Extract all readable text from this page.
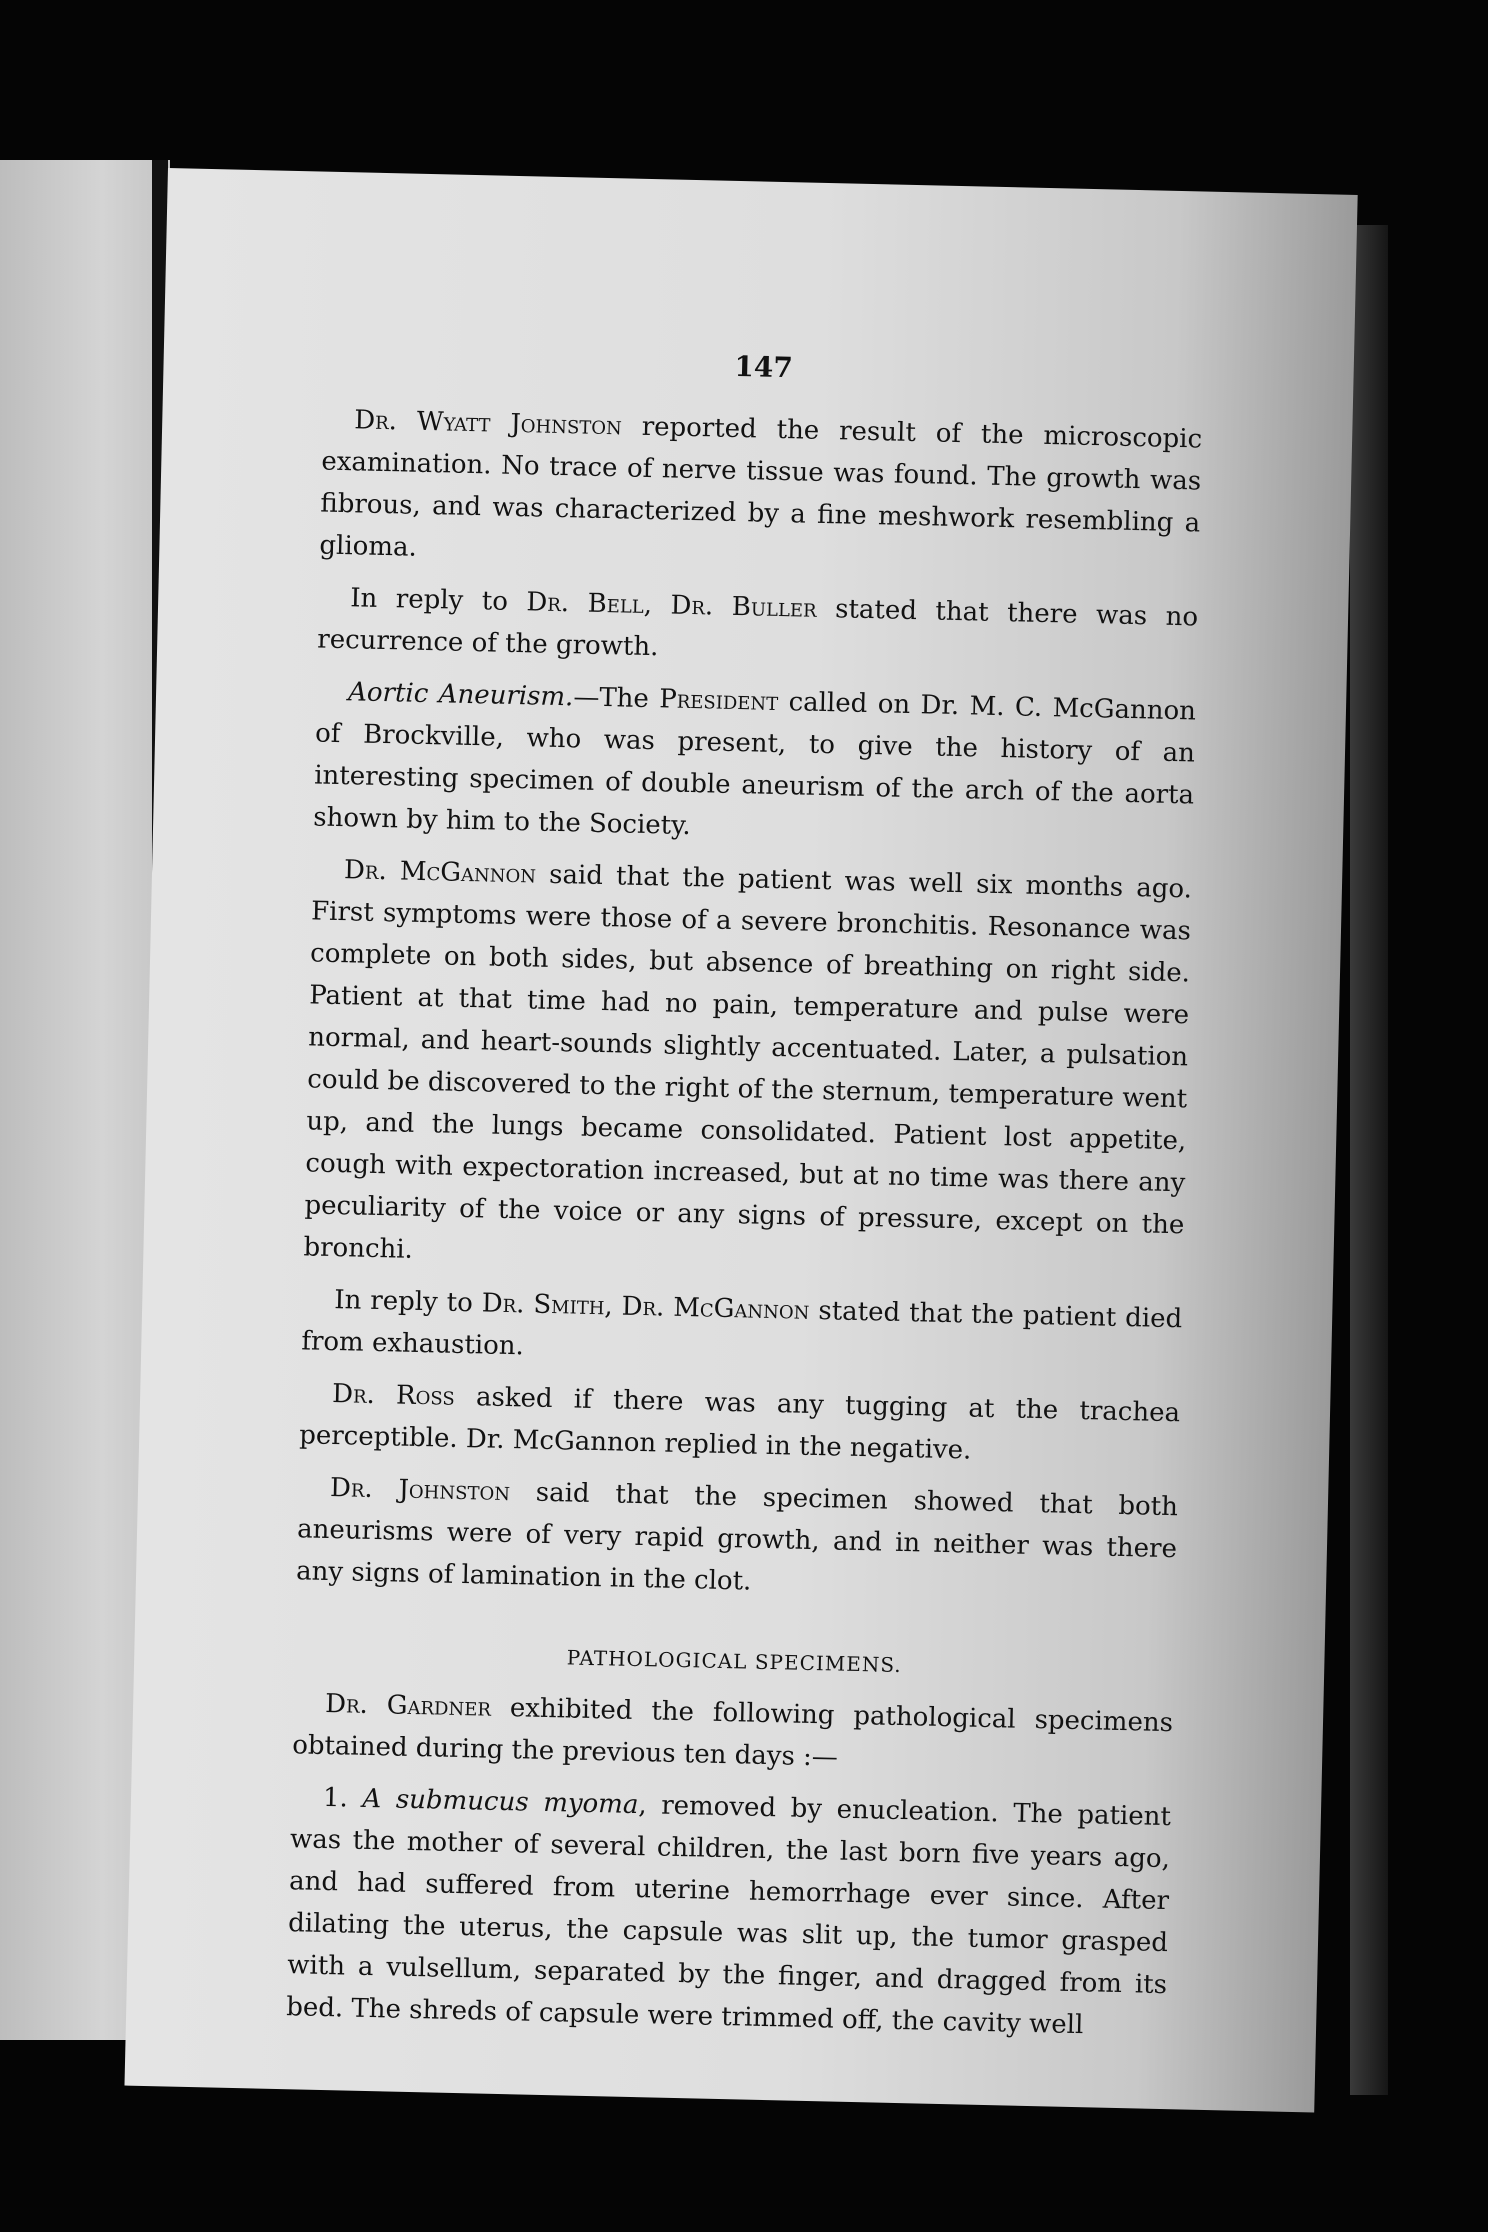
147

Dr. Wyatt Johnston reported the result of the microscopic examination. No trace of nerve tissue was found. The growth was fibrous, and was characterized by a fine meshwork resembling a glioma.

In reply to Dr. Bell, Dr. Buller stated that there was no recurrence of the growth.

Aortic Aneurism.—The President called on Dr. M. C. McGannon of Brockville, who was present, to give the history of an interesting specimen of double aneurism of the arch of the aorta shown by him to the Society.

Dr. McGannon said that the patient was well six months ago. First symptoms were those of a severe bronchitis. Resonance was complete on both sides, but absence of breathing on right side. Patient at that time had no pain, temperature and pulse were normal, and heart-sounds slightly accentuated. Later, a pulsation could be discovered to the right of the sternum, temperature went up, and the lungs became consolidated. Patient lost appetite, cough with expectoration increased, but at no time was there any peculiarity of the voice or any signs of pressure, except on the bronchi.

In reply to Dr. Smith, Dr. McGannon stated that the patient died from exhaustion.

Dr. Ross asked if there was any tugging at the trachea perceptible. Dr. McGannon replied in the negative.

Dr. Johnston said that the specimen showed that both aneurisms were of very rapid growth, and in neither was there any signs of lamination in the clot.

PATHOLOGICAL SPECIMENS.

Dr. Gardner exhibited the following pathological specimens obtained during the previous ten days :—

1. A submucus myoma, removed by enucleation. The patient was the mother of several children, the last born five years ago, and had suffered from uterine hemorrhage ever since. After dilating the uterus, the capsule was slit up, the tumor grasped with a vulsellum, separated by the finger, and dragged from its bed. The shreds of capsule were trimmed off, the cavity well
